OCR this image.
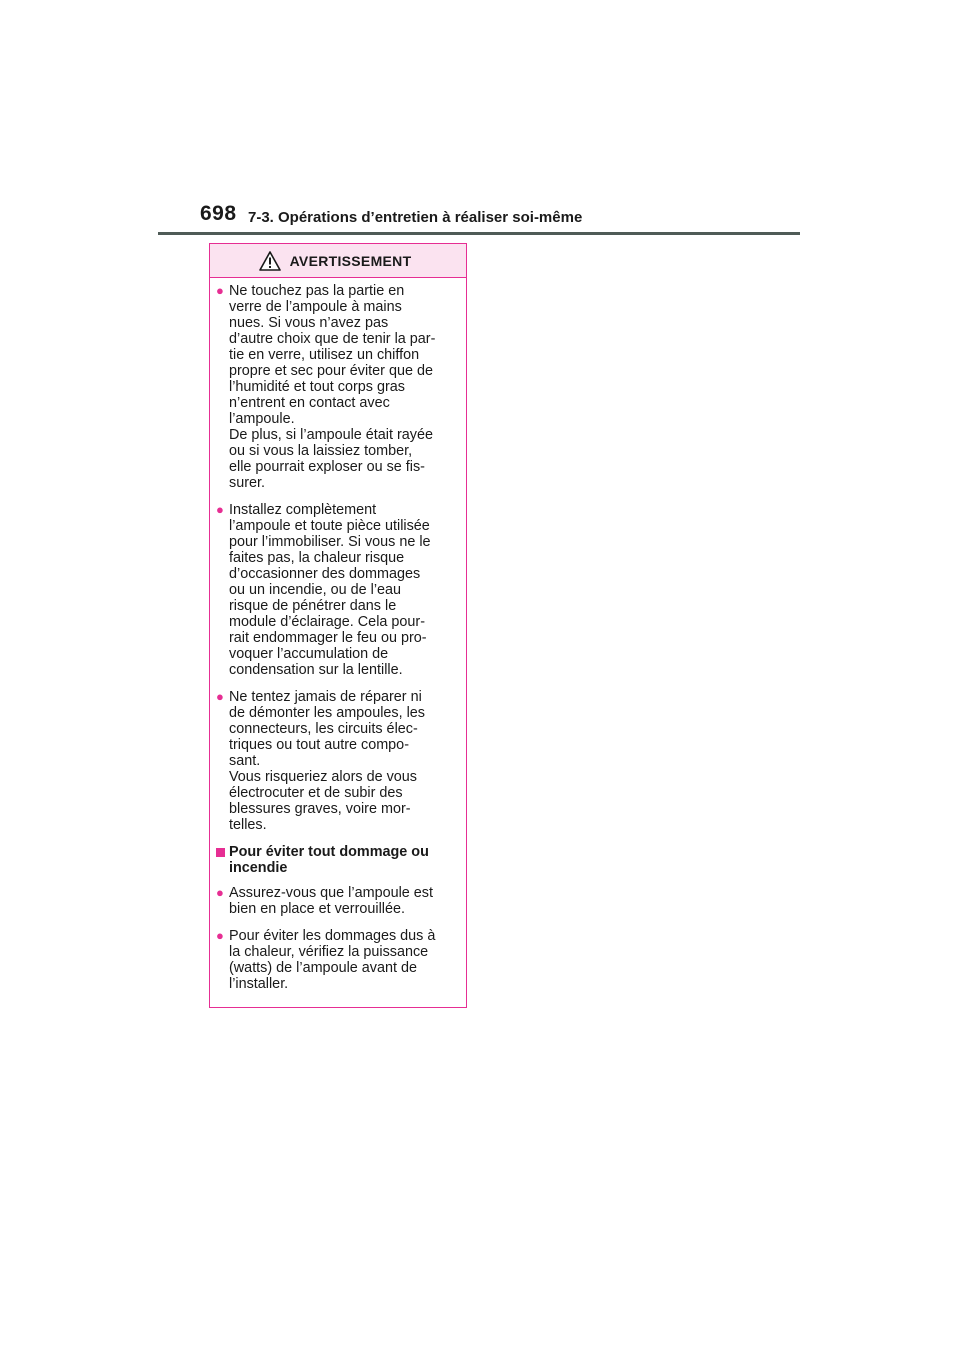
698 7-3. Opérations d’entretien à réaliser soi-même
AVERTISSEMENT
● Ne touchez pas la partie en
verre de l’ampoule à mains
nues. Si vous n’avez pas
d’autre choix que de tenir la par-
tie en verre, utilisez un chiffon
propre et sec pour éviter que de
l’humidité et tout corps gras
n’entrent en contact avec
l’ampoule.
De plus, si l’ampoule était rayée
ou si vous la laissiez tomber,
elle pourrait exploser ou se fis-
surer.
● Installez complètement
l’ampoule et toute pièce utilisée
pour l’immobiliser. Si vous ne le
faites pas, la chaleur risque
d’occasionner des dommages
ou un incendie, ou de l’eau
risque de pénétrer dans le
module d’éclairage. Cela pour-
rait endommager le feu ou pro-
voquer l’accumulation de
condensation sur la lentille.
● Ne tentez jamais de réparer ni
de démonter les ampoules, les
connecteurs, les circuits élec-
triques ou tout autre compo-
sant.
Vous risqueriez alors de vous
électrocuter et de subir des
blessures graves, voire mor-
telles.
Pour éviter tout dommage ou
incendie
● Assurez-vous que l’ampoule est
bien en place et verrouillée.
● Pour éviter les dommages dus à
la chaleur, vérifiez la puissance
(watts) de l’ampoule avant de
l’installer.
